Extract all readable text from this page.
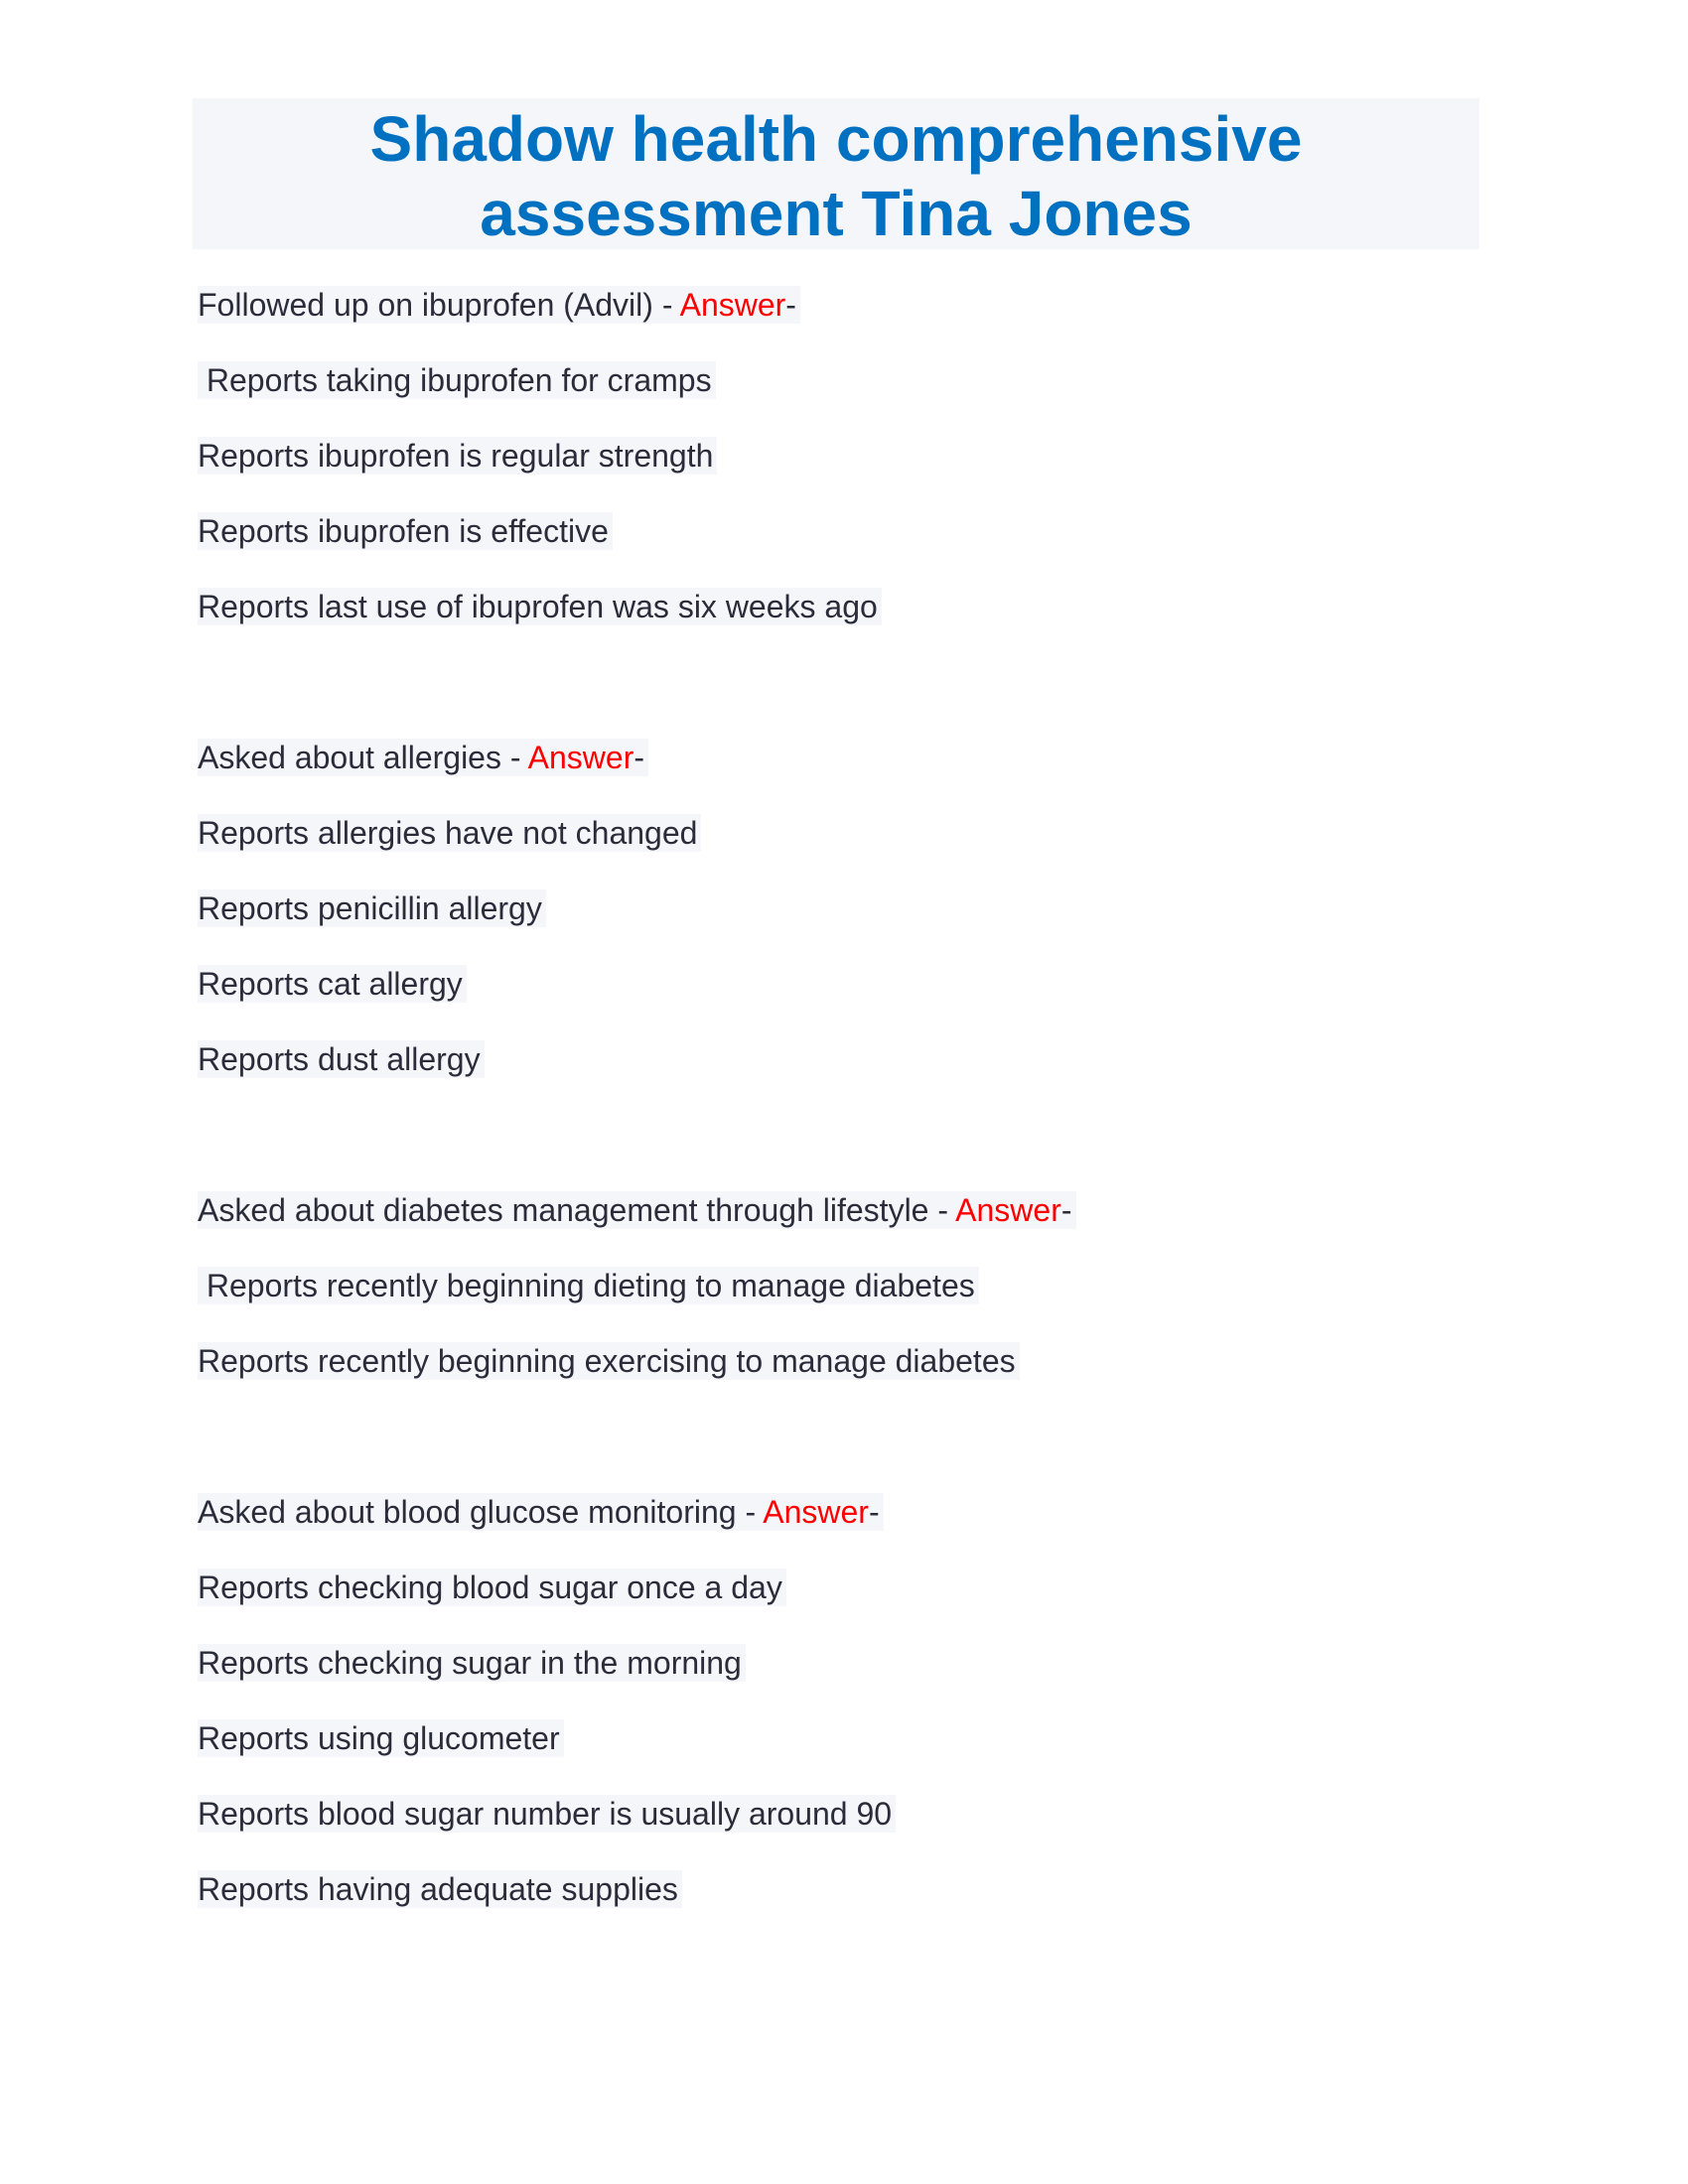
Shadow health comprehensive
assessment Tina Jones
Followed up on ibuprofen (Advil) - Answer-
Reports taking ibuprofen for cramps
Reports ibuprofen is regular strength
Reports ibuprofen is effective
Reports last use of ibuprofen was six weeks ago
Asked about allergies - Answer-
Reports allergies have not changed
Reports penicillin allergy
Reports cat allergy
Reports dust allergy
Asked about diabetes management through lifestyle - Answer-
Reports recently beginning dieting to manage diabetes
Reports recently beginning exercising to manage diabetes
Asked about blood glucose monitoring - Answer-
Reports checking blood sugar once a day
Reports checking sugar in the morning
Reports using glucometer
Reports blood sugar number is usually around 90
Reports having adequate supplies
